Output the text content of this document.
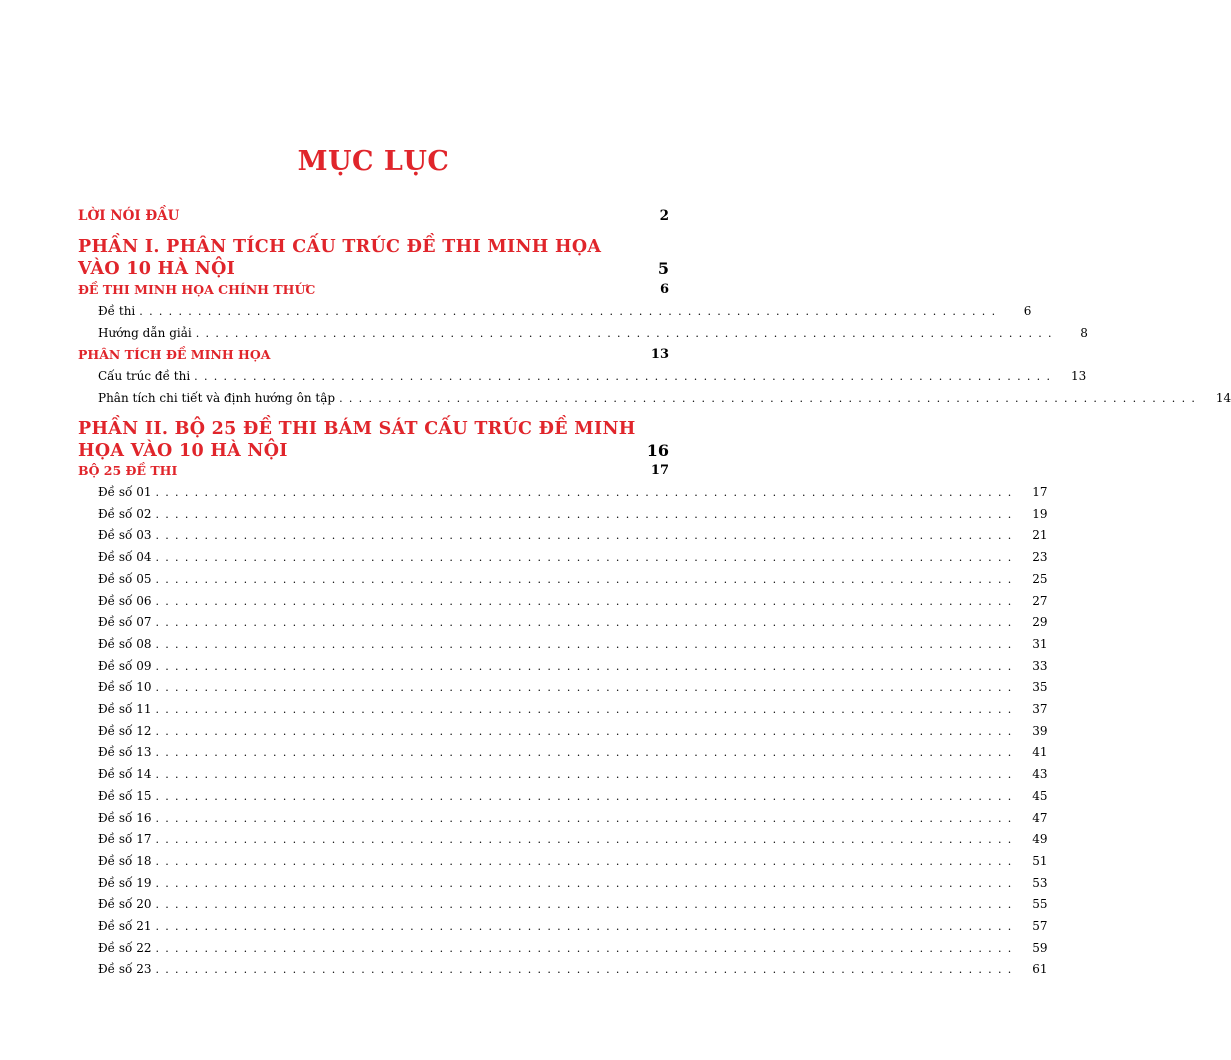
MỤC LỤC
LỜI NÓI ĐẦU	2
PHẦN I. PHÂN TÍCH CẤU TRÚC ĐỀ THI MINH HỌA VÀO 10 HÀ NỘI	5
ĐỀ THI MINH HỌA CHÍNH THỨC	6
Đề thi ........................................................................................	6
Hướng dẫn giải ........................................................................................	8
PHÂN TÍCH ĐỀ MINH HỌA	13
Cấu trúc đề thi ........................................................................................	13
Phân tích chi tiết và định hướng ôn tập ........................................................................................	14
PHẦN II. BỘ 25 ĐỀ THI BÁM SÁT CẤU TRÚC ĐỀ MINH HỌA VÀO 10 HÀ NỘI	16
BỘ 25 ĐỀ THI	17
Đề số 01 ........................................................................................	17
Đề số 02 ........................................................................................	19
Đề số 03 ........................................................................................	21
Đề số 04 ........................................................................................	23
Đề số 05 ........................................................................................	25
Đề số 06 ........................................................................................	27
Đề số 07 ........................................................................................	29
Đề số 08 ........................................................................................	31
Đề số 09 ........................................................................................	33
Đề số 10 ........................................................................................	35
Đề số 11 ........................................................................................	37
Đề số 12 ........................................................................................	39
Đề số 13 ........................................................................................	41
Đề số 14 ........................................................................................	43
Đề số 15 ........................................................................................	45
Đề số 16 ........................................................................................	47
Đề số 17 ........................................................................................	49
Đề số 18 ........................................................................................	51
Đề số 19 ........................................................................................	53
Đề số 20 ........................................................................................	55
Đề số 21 ........................................................................................	57
Đề số 22 ........................................................................................	59
Đề số 23 ........................................................................................	61
